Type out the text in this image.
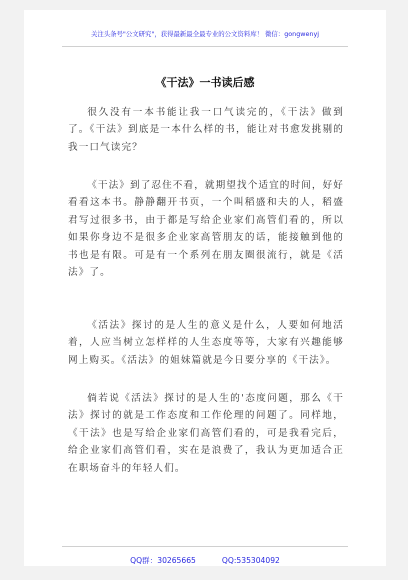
关注头条号"公文研究"，获得最新最全最专业的公文资料库！ 微信：gongwenyj
《干法》一书读后感

很久没有一本书能让我一口气读完的，《干法》做到了。《干法》到底是一本什么样的书，能让对书愈发挑剔的我一口气读完？

《干法》到了忍住不看，就期望找个适宜的时间，好好看看这本书。静静翻开书页，一个叫稻盛和夫的人，稻盛君写过很多书，由于都是写给企业家们高管们看的，所以如果你身边不是很多企业家高管朋友的话，能接触到他的书也是有限。可是有一个系列在朋友圈很流行，就是《活法》了。

《活法》探讨的是人生的意义是什么，人要如何地活着，人应当树立怎样样的人生态度等等，大家有兴趣能够网上购买。《活法》的姐妹篇就是今日要分享的《干法》。

倘若说《活法》探讨的是人生的'态度问题，那么《干法》探讨的就是工作态度和工作伦理的问题了。同样地，《干法》也是写给企业家们高管们看的，可是我看完后，给企业家们高管们看，实在是浪费了，我认为更加适合正在职场奋斗的年轻人们。

QQ群：30265665	QQ:535304092
